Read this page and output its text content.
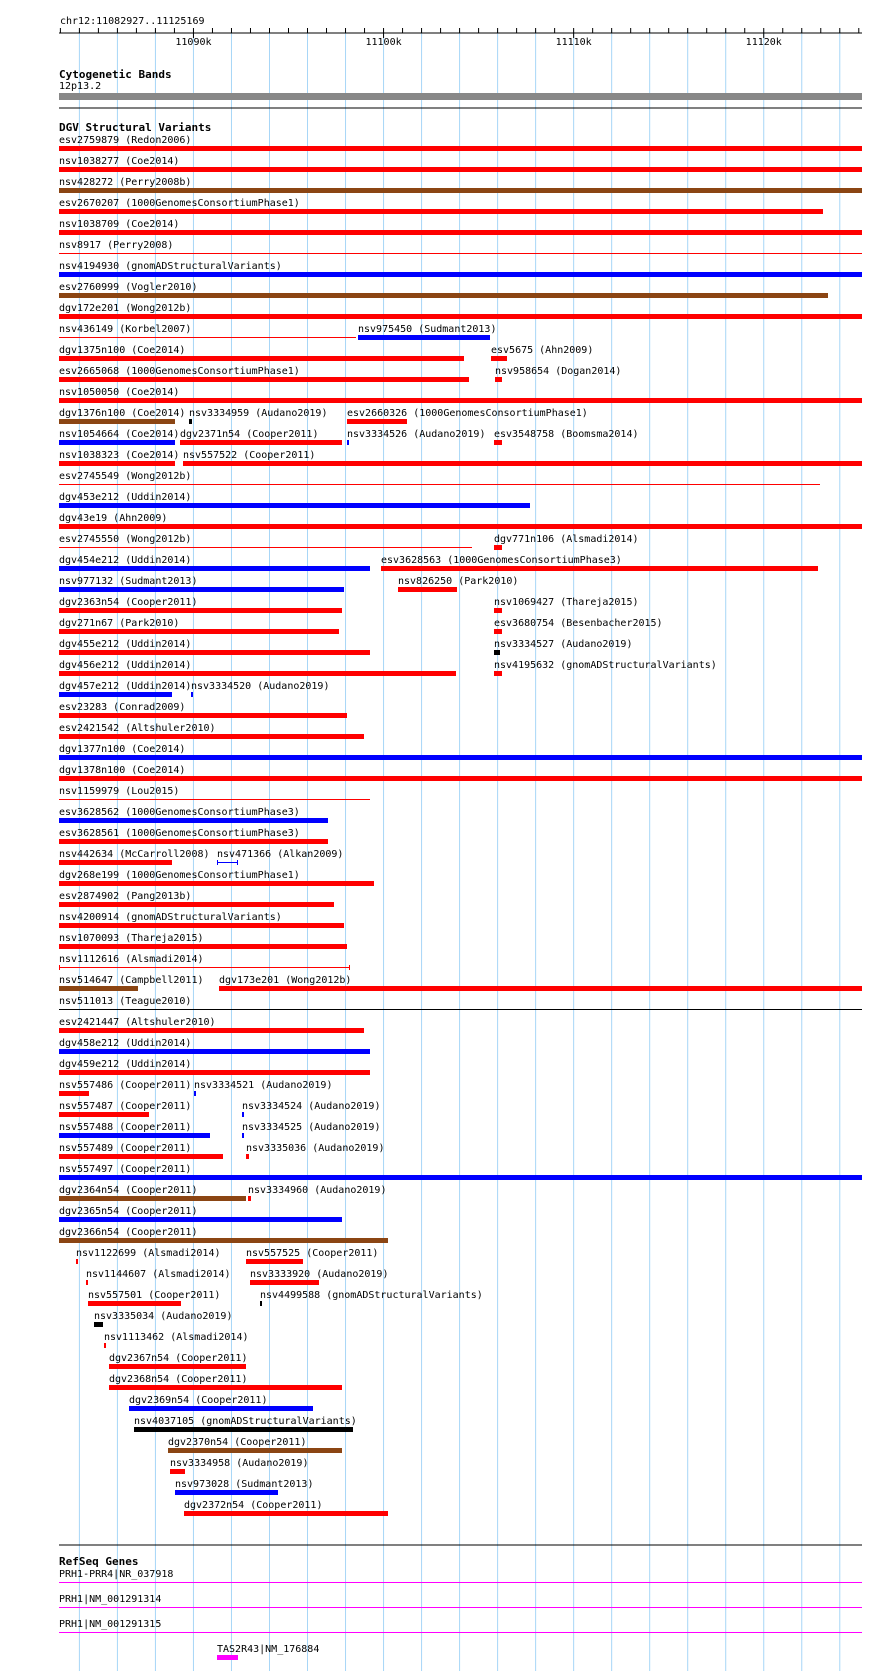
chr12:11082927..11125169
11090k	11100k	11110k	11120k
Cytogenetic Bands
12p13.2
DGV Structural Variants
esv2759879 (Redon2006)
nsv1038277 (Coe2014)
nsv428272 (Perry2008b)
esv2670207 (1000GenomesConsortiumPhase1)
nsv1038709 (Coe2014)
nsv8917 (Perry2008)
nsv4194930 (gnomADStructuralVariants)
esv2760999 (Vogler2010)
dgv172e201 (Wong2012b)
nsv436149 (Korbel2007)	nsv975450 (Sudmant2013)
dgv1375n100 (Coe2014)	esv5675 (Ahn2009)
esv2665068 (1000GenomesConsortiumPhase1)	nsv958654 (Dogan2014)
nsv1050050 (Coe2014)
dgv1376n100 (Coe2014) nsv3334959 (Audano2019) esv2660326 (1000GenomesConsortiumPhase1)
nsv1054664 (Coe2014) dgv2371n54 (Cooper2011)	nsv3334526 (Audano2019) esv3548758 (Boomsma2014)
nsv1038323 (Coe2014) nsv557522 (Cooper2011)
esv2745549 (Wong2012b)
dgv453e212 (Uddin2014)
dgv43e19 (Ahn2009)
esv2745550 (Wong2012b)	dgv771n106 (Alsmadi2014)
dgv454e212 (Uddin2014)	esv3628563 (1000GenomesConsortiumPhase3)
nsv977132 (Sudmant2013)	nsv826250 (Park2010)
dgv2363n54 (Cooper2011)	nsv1069427 (Thareja2015)
dgv271n67 (Park2010)	esv3680754 (Besenbacher2015)
dgv455e212 (Uddin2014)	nsv3334527 (Audano2019)
dgv456e212 (Uddin2014)	nsv4195632 (gnomADStructuralVariants)
dgv457e212 (Uddin2014) nsv3334520 (Audano2019)
esv23283 (Conrad2009)
esv2421542 (Altshuler2010)
dgv1377n100 (Coe2014)
dgv1378n100 (Coe2014)
nsv1159979 (Lou2015)
esv3628562 (1000GenomesConsortiumPhase3)
esv3628561 (1000GenomesConsortiumPhase3)
nsv442634 (McCarroll2008) nsv471366 (Alkan2009)
dgv268e199 (1000GenomesConsortiumPhase1)
esv2874902 (Pang2013b)
nsv4200914 (gnomADStructuralVariants)
nsv1070093 (Thareja2015)
nsv1112616 (Alsmadi2014)
nsv514647 (Campbell2011) dgv173e201 (Wong2012b)
nsv511013 (Teague2010)
esv2421447 (Altshuler2010)
dgv458e212 (Uddin2014)
dgv459e212 (Uddin2014)
nsv557486 (Cooper2011) nsv3334521 (Audano2019)
nsv557487 (Cooper2011)	nsv3334524 (Audano2019)
nsv557488 (Cooper2011)	nsv3334525 (Audano2019)
nsv557489 (Cooper2011)	nsv3335036 (Audano2019)
nsv557497 (Cooper2011)
dgv2364n54 (Cooper2011)	nsv3334960 (Audano2019)
dgv2365n54 (Cooper2011)
dgv2366n54 (Cooper2011)
nsv1122699 (Alsmadi2014)	nsv557525 (Cooper2011)
nsv1144607 (Alsmadi2014) nsv3333920 (Audano2019)
nsv557501 (Cooper2011)	nsv4499588 (gnomADStructuralVariants)
nsv3335034 (Audano2019)
nsv1113462 (Alsmadi2014)
dgv2367n54 (Cooper2011)
dgv2368n54 (Cooper2011)
dgv2369n54 (Cooper2011)
nsv4037105 (gnomADStructuralVariants)
dgv2370n54 (Cooper2011)
nsv3334958 (Audano2019)
nsv973028 (Sudmant2013)
dgv2372n54 (Cooper2011)
RefSeq Genes
PRH1-PRR4|NR_037918
PRH1|NM_001291314
PRH1|NM_001291315
TAS2R43|NM_176884
